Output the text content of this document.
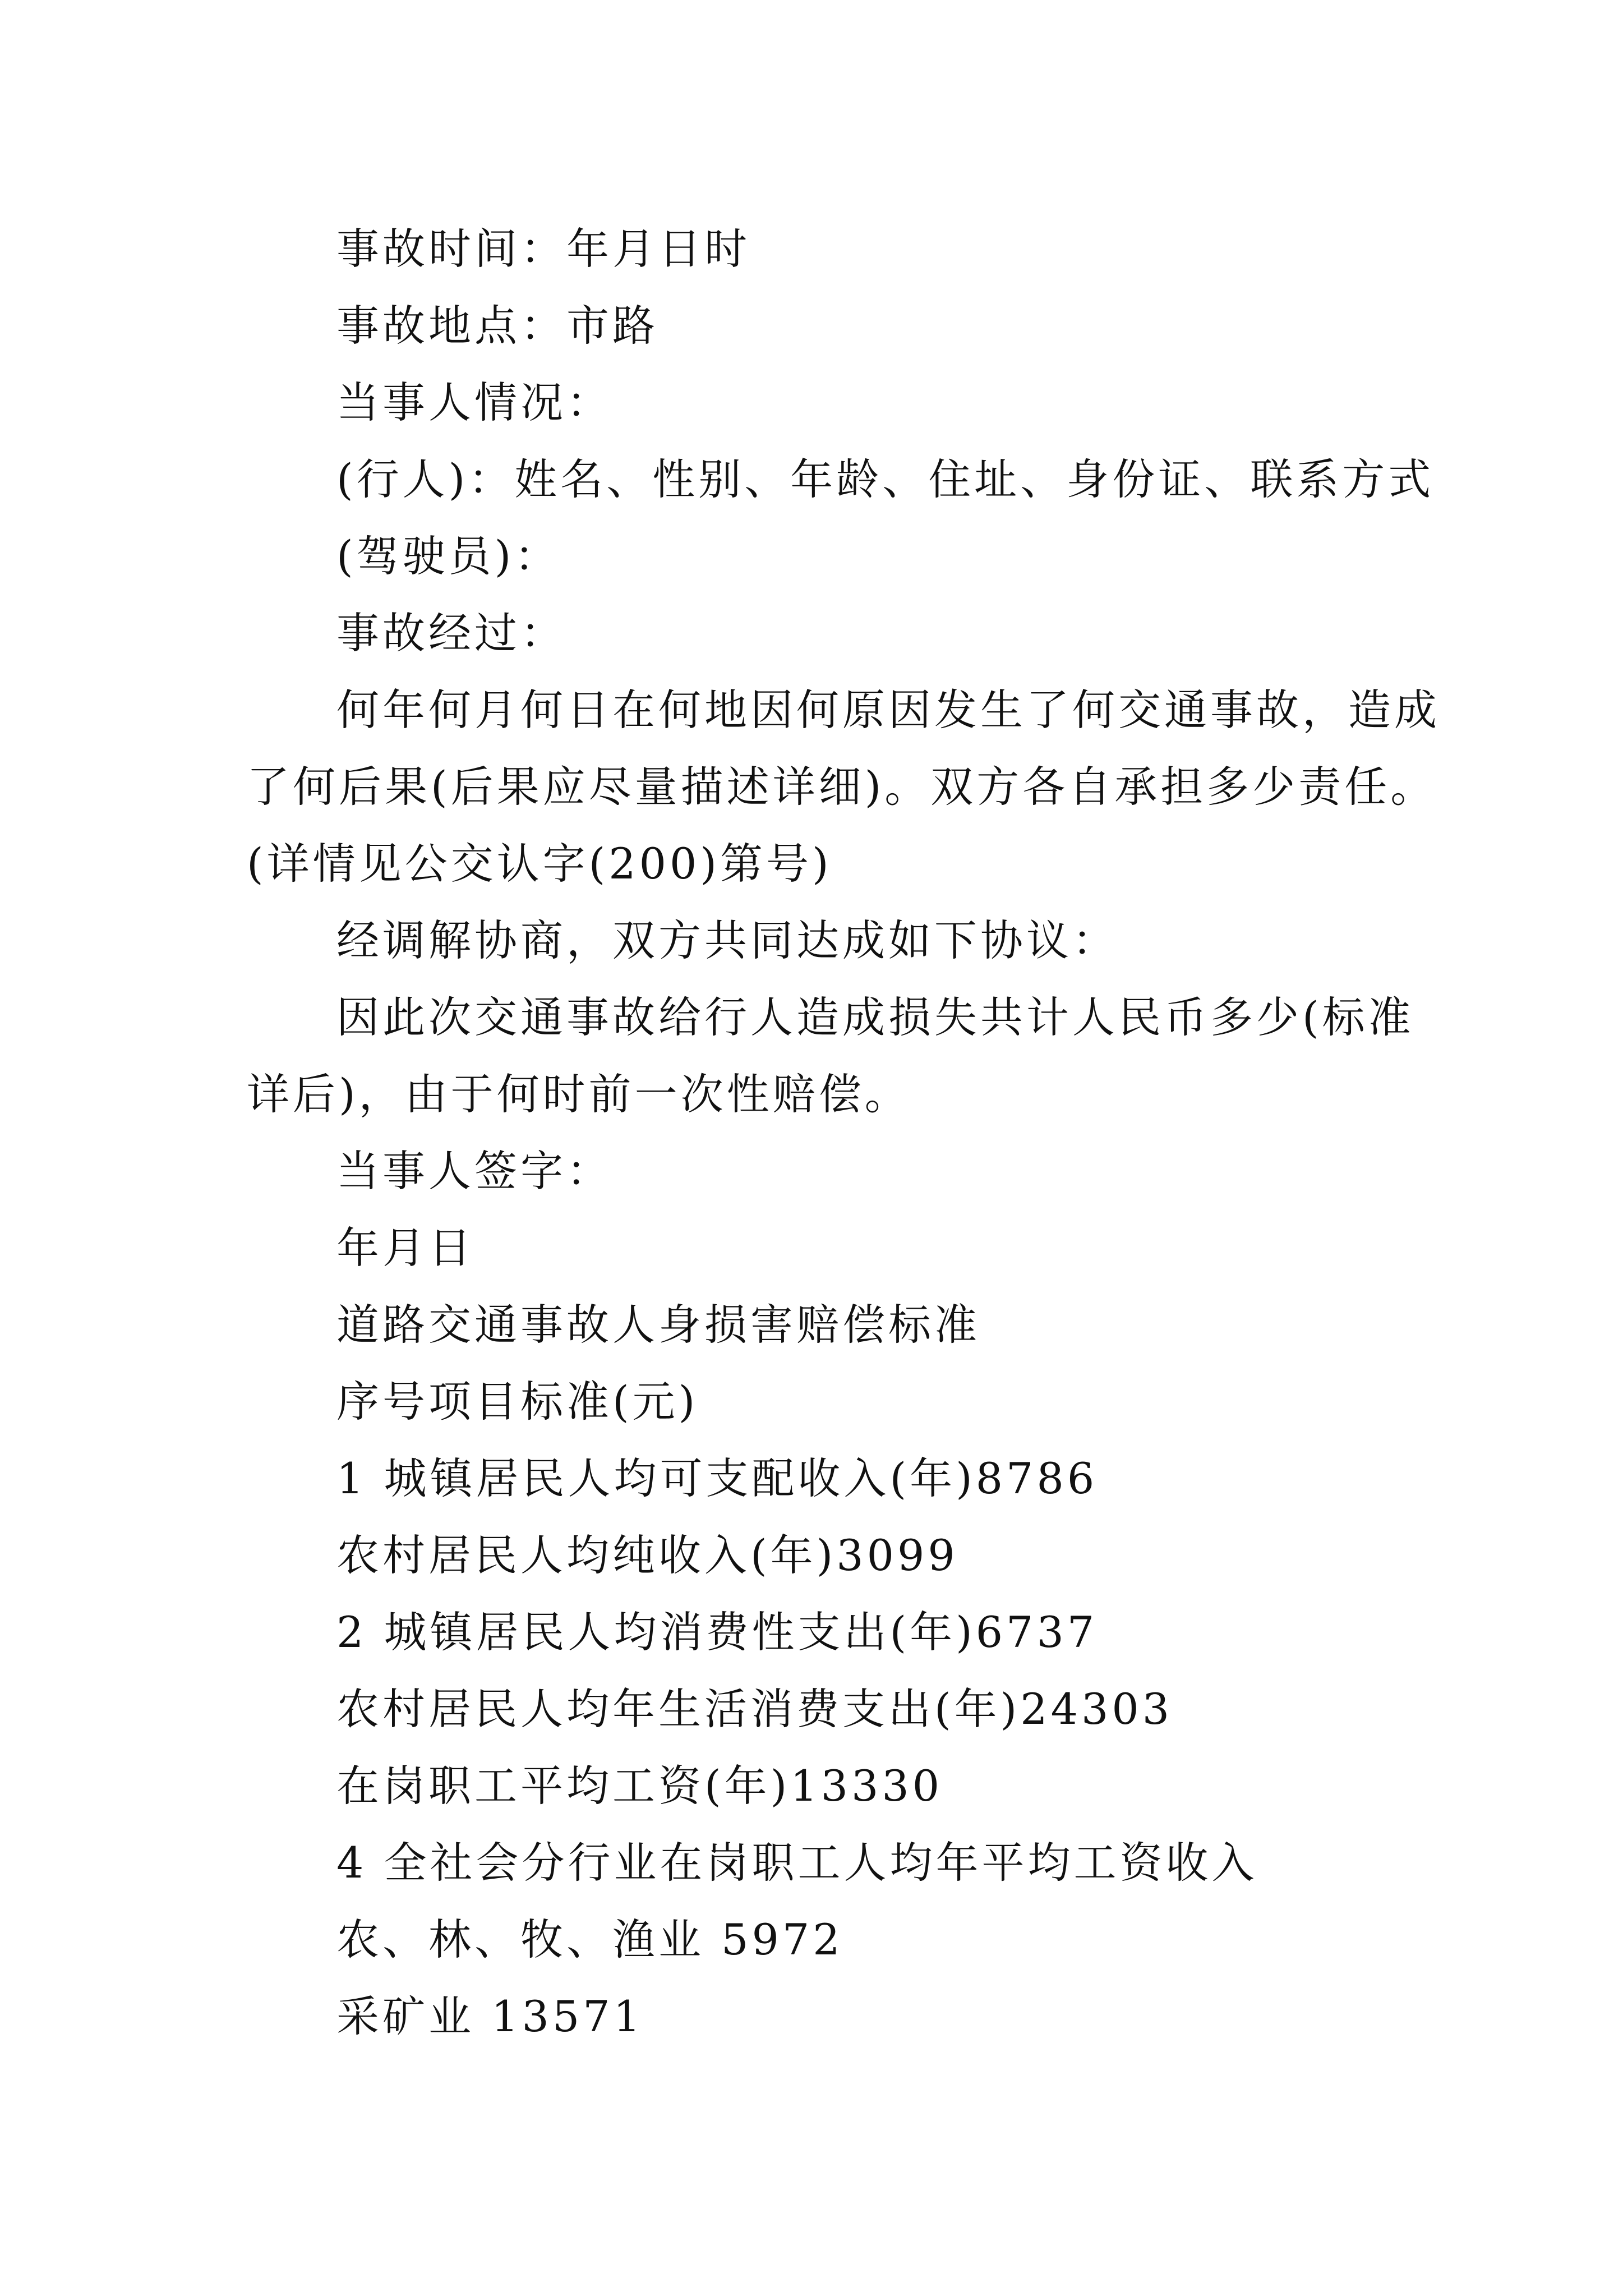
事故时间：年月日时
事故地点：市路
当事人情况：
(行人)：姓名、性别、年龄、住址、身份证、联系方式
(驾驶员)：
事故经过：
何年何月何日在何地因何原因发生了何交通事故，造成
了何后果(后果应尽量描述详细)。双方各自承担多少责任。
(详情见公交认字(200)第号)
经调解协商，双方共同达成如下协议：
因此次交通事故给行人造成损失共计人民币多少(标准
详后)，由于何时前一次性赔偿。
当事人签字：
年月日
道路交通事故人身损害赔偿标准
序号项目标准(元)
1 城镇居民人均可支配收入(年)8786
农村居民人均纯收入(年)3099
2 城镇居民人均消费性支出(年)6737
农村居民人均年生活消费支出(年)24303
在岗职工平均工资(年)13330
4 全社会分行业在岗职工人均年平均工资收入
农、林、牧、渔业 5972
采矿业 13571
